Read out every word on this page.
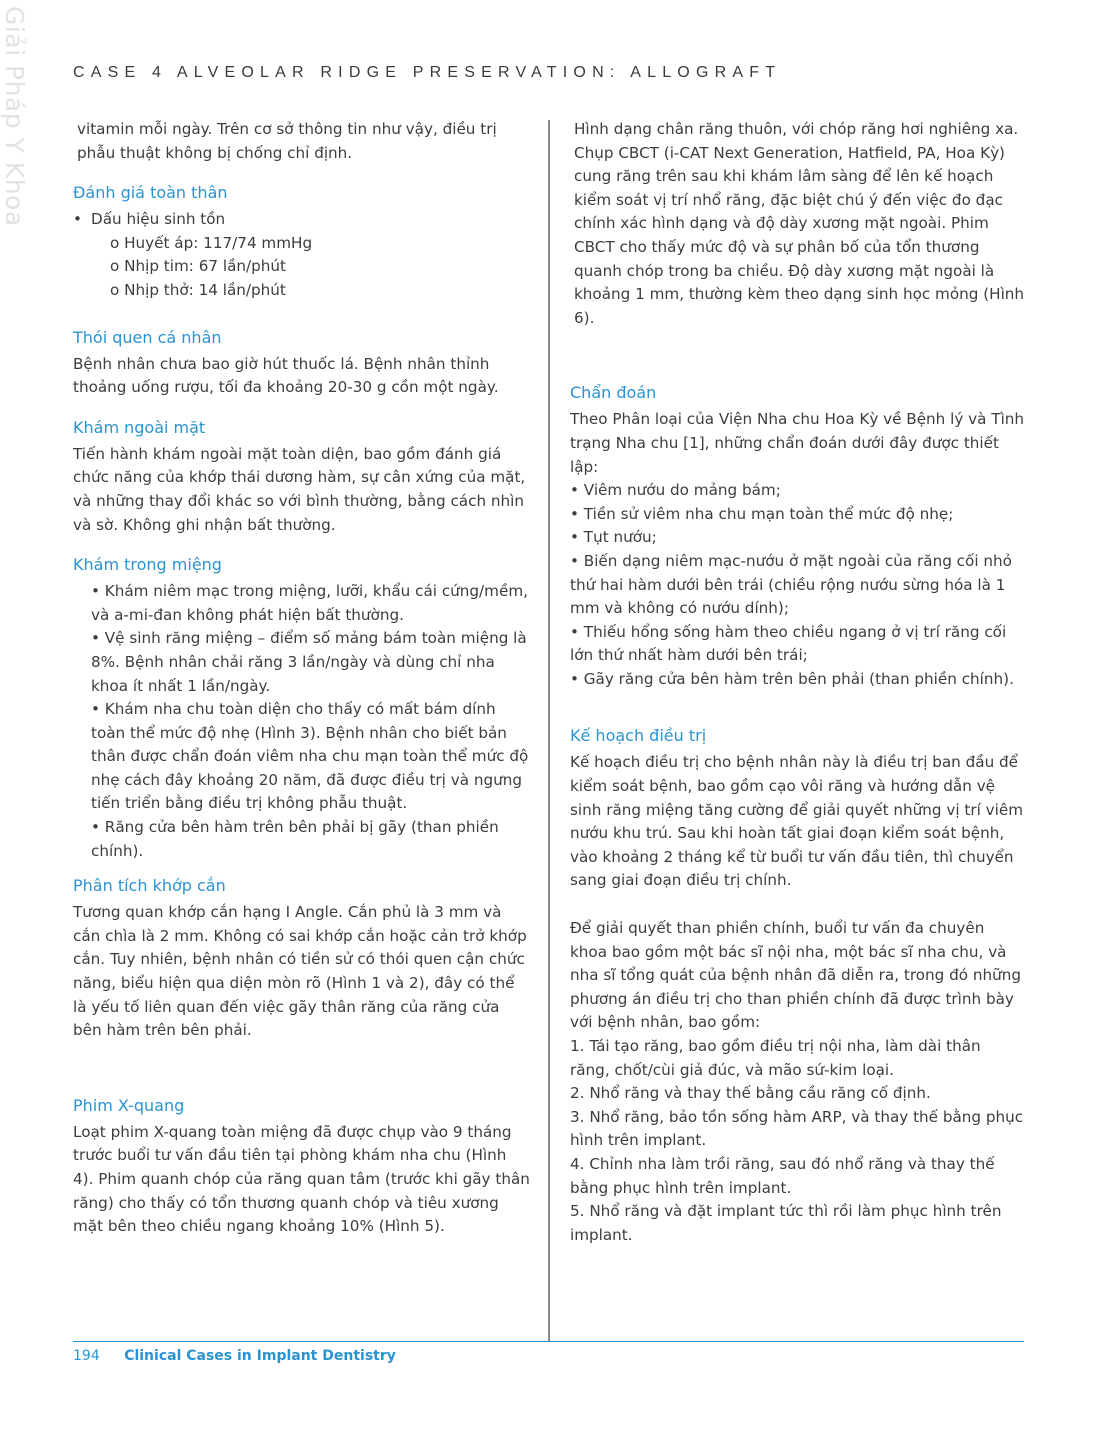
Giải Pháp Y Khoa	CASE 4 ALVEOLAR RIDGE PRESERVATION: ALLOGRAFT

vitamin mỗi ngày. Trên cơ sở thông tin như vậy, điều trị phẫu thuật không bị chống chỉ định.

Đánh giá toàn thân
• Dấu hiệu sinh tồn
o Huyết áp: 117/74 mmHg
o Nhịp tim: 67 lần/phút
o Nhịp thở: 14 lần/phút
Thói quen cá nhân

Bệnh nhân chưa bao giờ hút thuốc lá. Bệnh nhân thỉnh thoảng uống rượu, tối đa khoảng 20-30 g cồn một ngày.

Khám ngoài mặt

Tiến hành khám ngoài mặt toàn diện, bao gồm đánh giá chức năng của khớp thái dương hàm, sự cân xứng của mặt, và những thay đổi khác so với bình thường, bằng cách nhìn và sờ. Không ghi nhận bất thường.

Khám trong miệng
• Khám niêm mạc trong miệng, lưỡi, khẩu cái cứng/mềm, và a-mi-đan không phát hiện bất thường.
• Vệ sinh răng miệng – điểm số mảng bám toàn miệng là 8%. Bệnh nhân chải răng 3 lần/ngày và dùng chỉ nha khoa ít nhất 1 lần/ngày.
• Khám nha chu toàn diện cho thấy có mất bám dính toàn thể mức độ nhẹ (Hình 3). Bệnh nhân cho biết bản thân được chẩn đoán viêm nha chu mạn toàn thể mức độ nhẹ cách đây khoảng 20 năm, đã được điều trị và ngưng tiến triển bằng điều trị không phẫu thuật.
• Răng cửa bên hàm trên bên phải bị gãy (than phiền chính).
Phân tích khớp cắn

Tương quan khớp cắn hạng I Angle. Cắn phủ là 3 mm và cắn chìa là 2 mm. Không có sai khớp cắn hoặc cản trở khớp cắn. Tuy nhiên, bệnh nhân có tiền sử có thói quen cận chức năng, biểu hiện qua diện mòn rõ (Hình 1 và 2), đây có thể là yếu tố liên quan đến việc gãy thân răng của răng cửa bên hàm trên bên phải.

Phim X-quang

Loạt phim X-quang toàn miệng đã được chụp vào 9 tháng trước buổi tư vấn đầu tiên tại phòng khám nha chu (Hình 4). Phim quanh chóp của răng quan tâm (trước khi gãy thân răng) cho thấy có tổn thương quanh chóp và tiêu xương mặt bên theo chiều ngang khoảng 10% (Hình 5).

Hình dạng chân răng thuôn, với chóp răng hơi nghiêng xa. Chụp CBCT (i-CAT Next Generation, Hatfield, PA, Hoa Kỳ) cung răng trên sau khi khám lâm sàng để lên kế hoạch kiểm soát vị trí nhổ răng, đặc biệt chú ý đến việc đo đạc chính xác hình dạng và độ dày xương mặt ngoài. Phim CBCT cho thấy mức độ và sự phân bố của tổn thương quanh chóp trong ba chiều. Độ dày xương mặt ngoài là khoảng 1 mm, thường kèm theo dạng sinh học mỏng (Hình 6).

Chẩn đoán

Theo Phân loại của Viện Nha chu Hoa Kỳ về Bệnh lý và Tình trạng Nha chu [1], những chẩn đoán dưới đây được thiết lập:

• Viêm nướu do mảng bám;
• Tiền sử viêm nha chu mạn toàn thể mức độ nhẹ;
• Tụt nướu;
• Biến dạng niêm mạc-nướu ở mặt ngoài của răng cối nhỏ thứ hai hàm dưới bên trái (chiều rộng nướu sừng hóa là 1 mm và không có nướu dính);
• Thiếu hổng sống hàm theo chiều ngang ở vị trí răng cối lớn thứ nhất hàm dưới bên trái;
• Gãy răng cửa bên hàm trên bên phải (than phiền chính).
Kế hoạch điều trị

Kế hoạch điều trị cho bệnh nhân này là điều trị ban đầu để kiểm soát bệnh, bao gồm cạo vôi răng và hướng dẫn vệ sinh răng miệng tăng cường để giải quyết những vị trí viêm nướu khu trú. Sau khi hoàn tất giai đoạn kiểm soát bệnh, vào khoảng 2 tháng kể từ buổi tư vấn đầu tiên, thì chuyển sang giai đoạn điều trị chính.

Để giải quyết than phiền chính, buổi tư vấn đa chuyên khoa bao gồm một bác sĩ nội nha, một bác sĩ nha chu, và nha sĩ tổng quát của bệnh nhân đã diễn ra, trong đó những phương án điều trị cho than phiền chính đã được trình bày với bệnh nhân, bao gồm:

1. Tái tạo răng, bao gồm điều trị nội nha, làm dài thân răng, chốt/cùi giả đúc, và mão sứ-kim loại.
2. Nhổ răng và thay thế bằng cầu răng cố định.
3. Nhổ răng, bảo tồn sống hàm ARP, và thay thế bằng phục hình trên implant.
4. Chỉnh nha làm trồi răng, sau đó nhổ răng và thay thế bằng phục hình trên implant.
5. Nhổ răng và đặt implant tức thì rồi làm phục hình trên implant.
194 Clinical Cases in Implant Dentistry
